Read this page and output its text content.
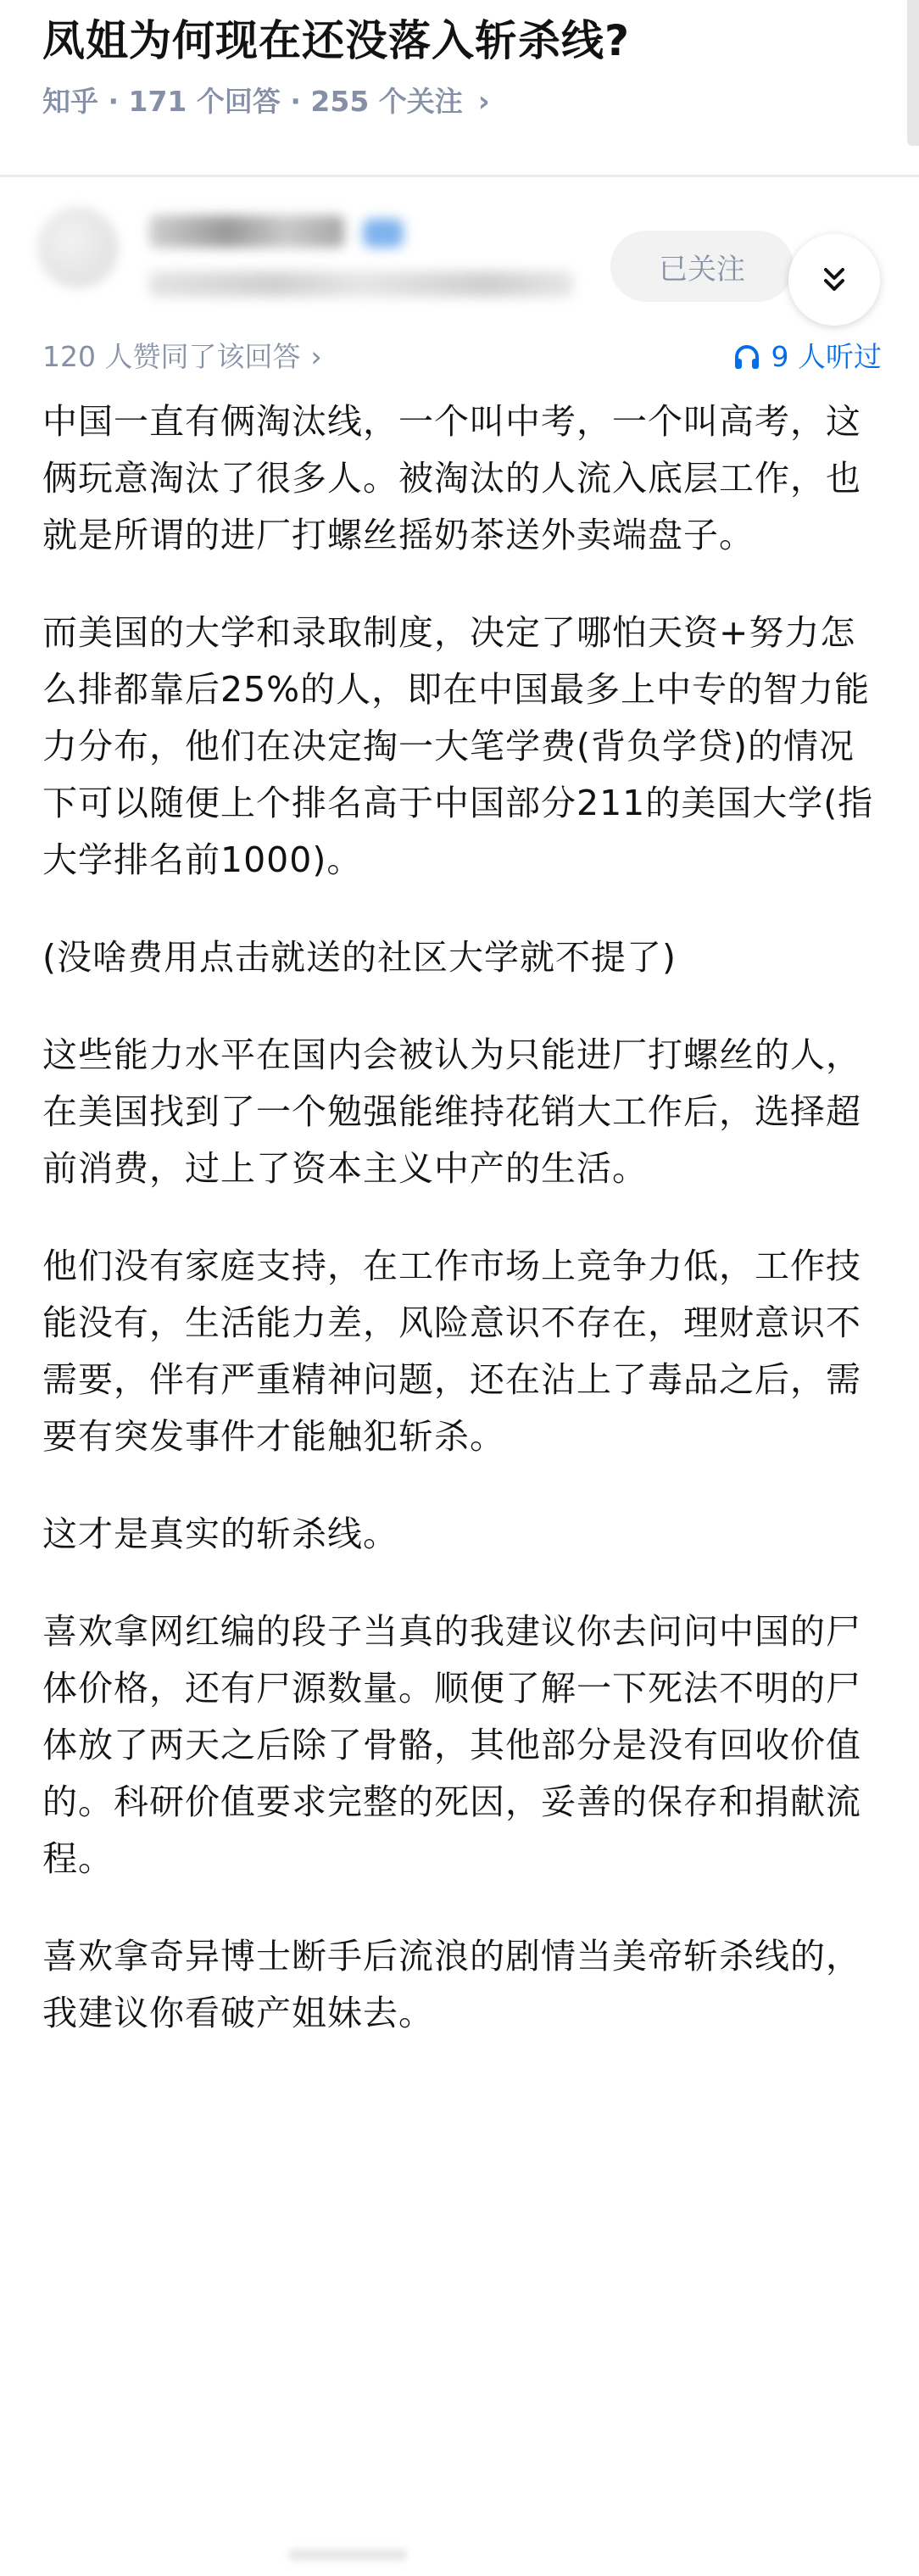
凤姐为何现在还没落入斩杀线?
知乎 · 171 个回答 · 255 个关注 ›
已关注
120 人赞同了该回答 ›	9 人听过

中国一直有俩淘汰线，一个叫中考，一个叫高考，这俩玩意淘汰了很多人。被淘汰的人流入底层工作，也就是所谓的进厂打螺丝摇奶茶送外卖端盘子。

而美国的大学和录取制度，决定了哪怕天资+努力怎么排都靠后25%的人，即在中国最多上中专的智力能力分布，他们在决定掏一大笔学费(背负学贷)的情况下可以随便上个排名高于中国部分211的美国大学(指大学排名前1000)。

(没啥费用点击就送的社区大学就不提了)

这些能力水平在国内会被认为只能进厂打螺丝的人，在美国找到了一个勉强能维持花销大工作后，选择超前消费，过上了资本主义中产的生活。

他们没有家庭支持，在工作市场上竞争力低，工作技能没有，生活能力差，风险意识不存在，理财意识不需要，伴有严重精神问题，还在沾上了毒品之后，需要有突发事件才能触犯斩杀。

这才是真实的斩杀线。

喜欢拿网红编的段子当真的我建议你去问问中国的尸体价格，还有尸源数量。顺便了解一下死法不明的尸体放了两天之后除了骨骼，其他部分是没有回收价值的。科研价值要求完整的死因，妥善的保存和捐献流程。

喜欢拿奇异博士断手后流浪的剧情当美帝斩杀线的，我建议你看破产姐妹去。
